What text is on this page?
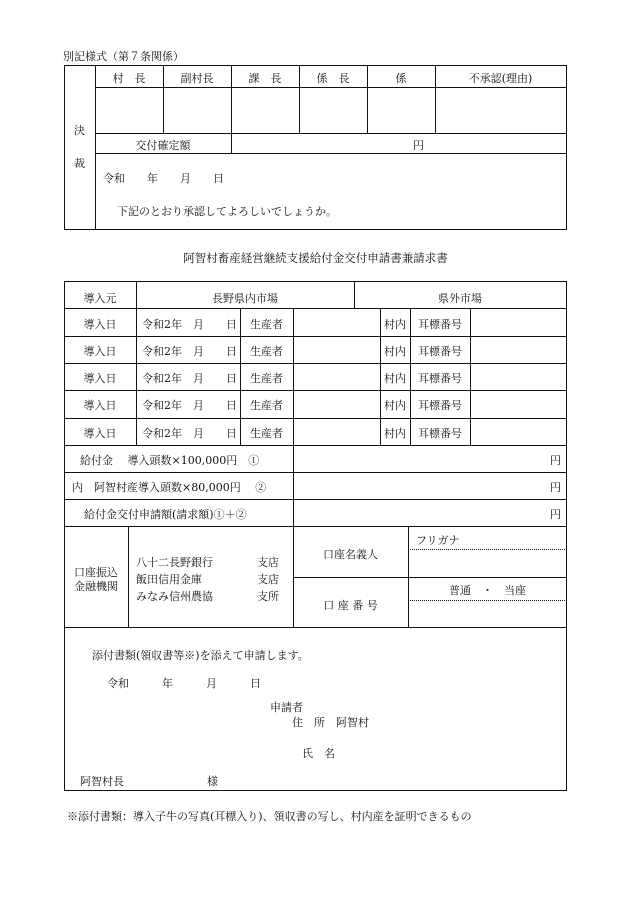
別記様式（第７条関係）
決
裁
村　長	副村長	課　長	係　長	係	不承認(理由)
交付確定額	円
令和　　年　　月　　日
下記のとおり承認してよろしいでしょうか。
阿智村畜産経営継続支援給付金交付申請書兼請求書
導入元	長野県内市場	県外市場
導入日	令和2年　月　　日	生産者	村内	耳標番号
導入日	令和2年　月　　日	生産者	村内	耳標番号
導入日	令和2年　月　　日	生産者	村内	耳標番号
導入日	令和2年　月　　日	生産者	村内	耳標番号
導入日	令和2年　月　　日	生産者	村内	耳標番号
給付金　 導入頭数×100,000円　①	円
内　阿智村産導入頭数×80,000円　 ②	円
給付金交付申請額(請求額)①＋②	円
口座振込
金融機関
八十二長野銀行	支店
飯田信用金庫	支店
みなみ信州農協	支所
口座名義人
フリガナ
口 座 番 号
普通　・　当座
添付書類(領収書等※)を添えて申請します。
令和　　　年　　　月　　　日
申請者
住　所　阿智村
氏　名
阿智村長	様
※添付書類：導入子牛の写真(耳標入り)、領収書の写し、村内産を証明できるもの
